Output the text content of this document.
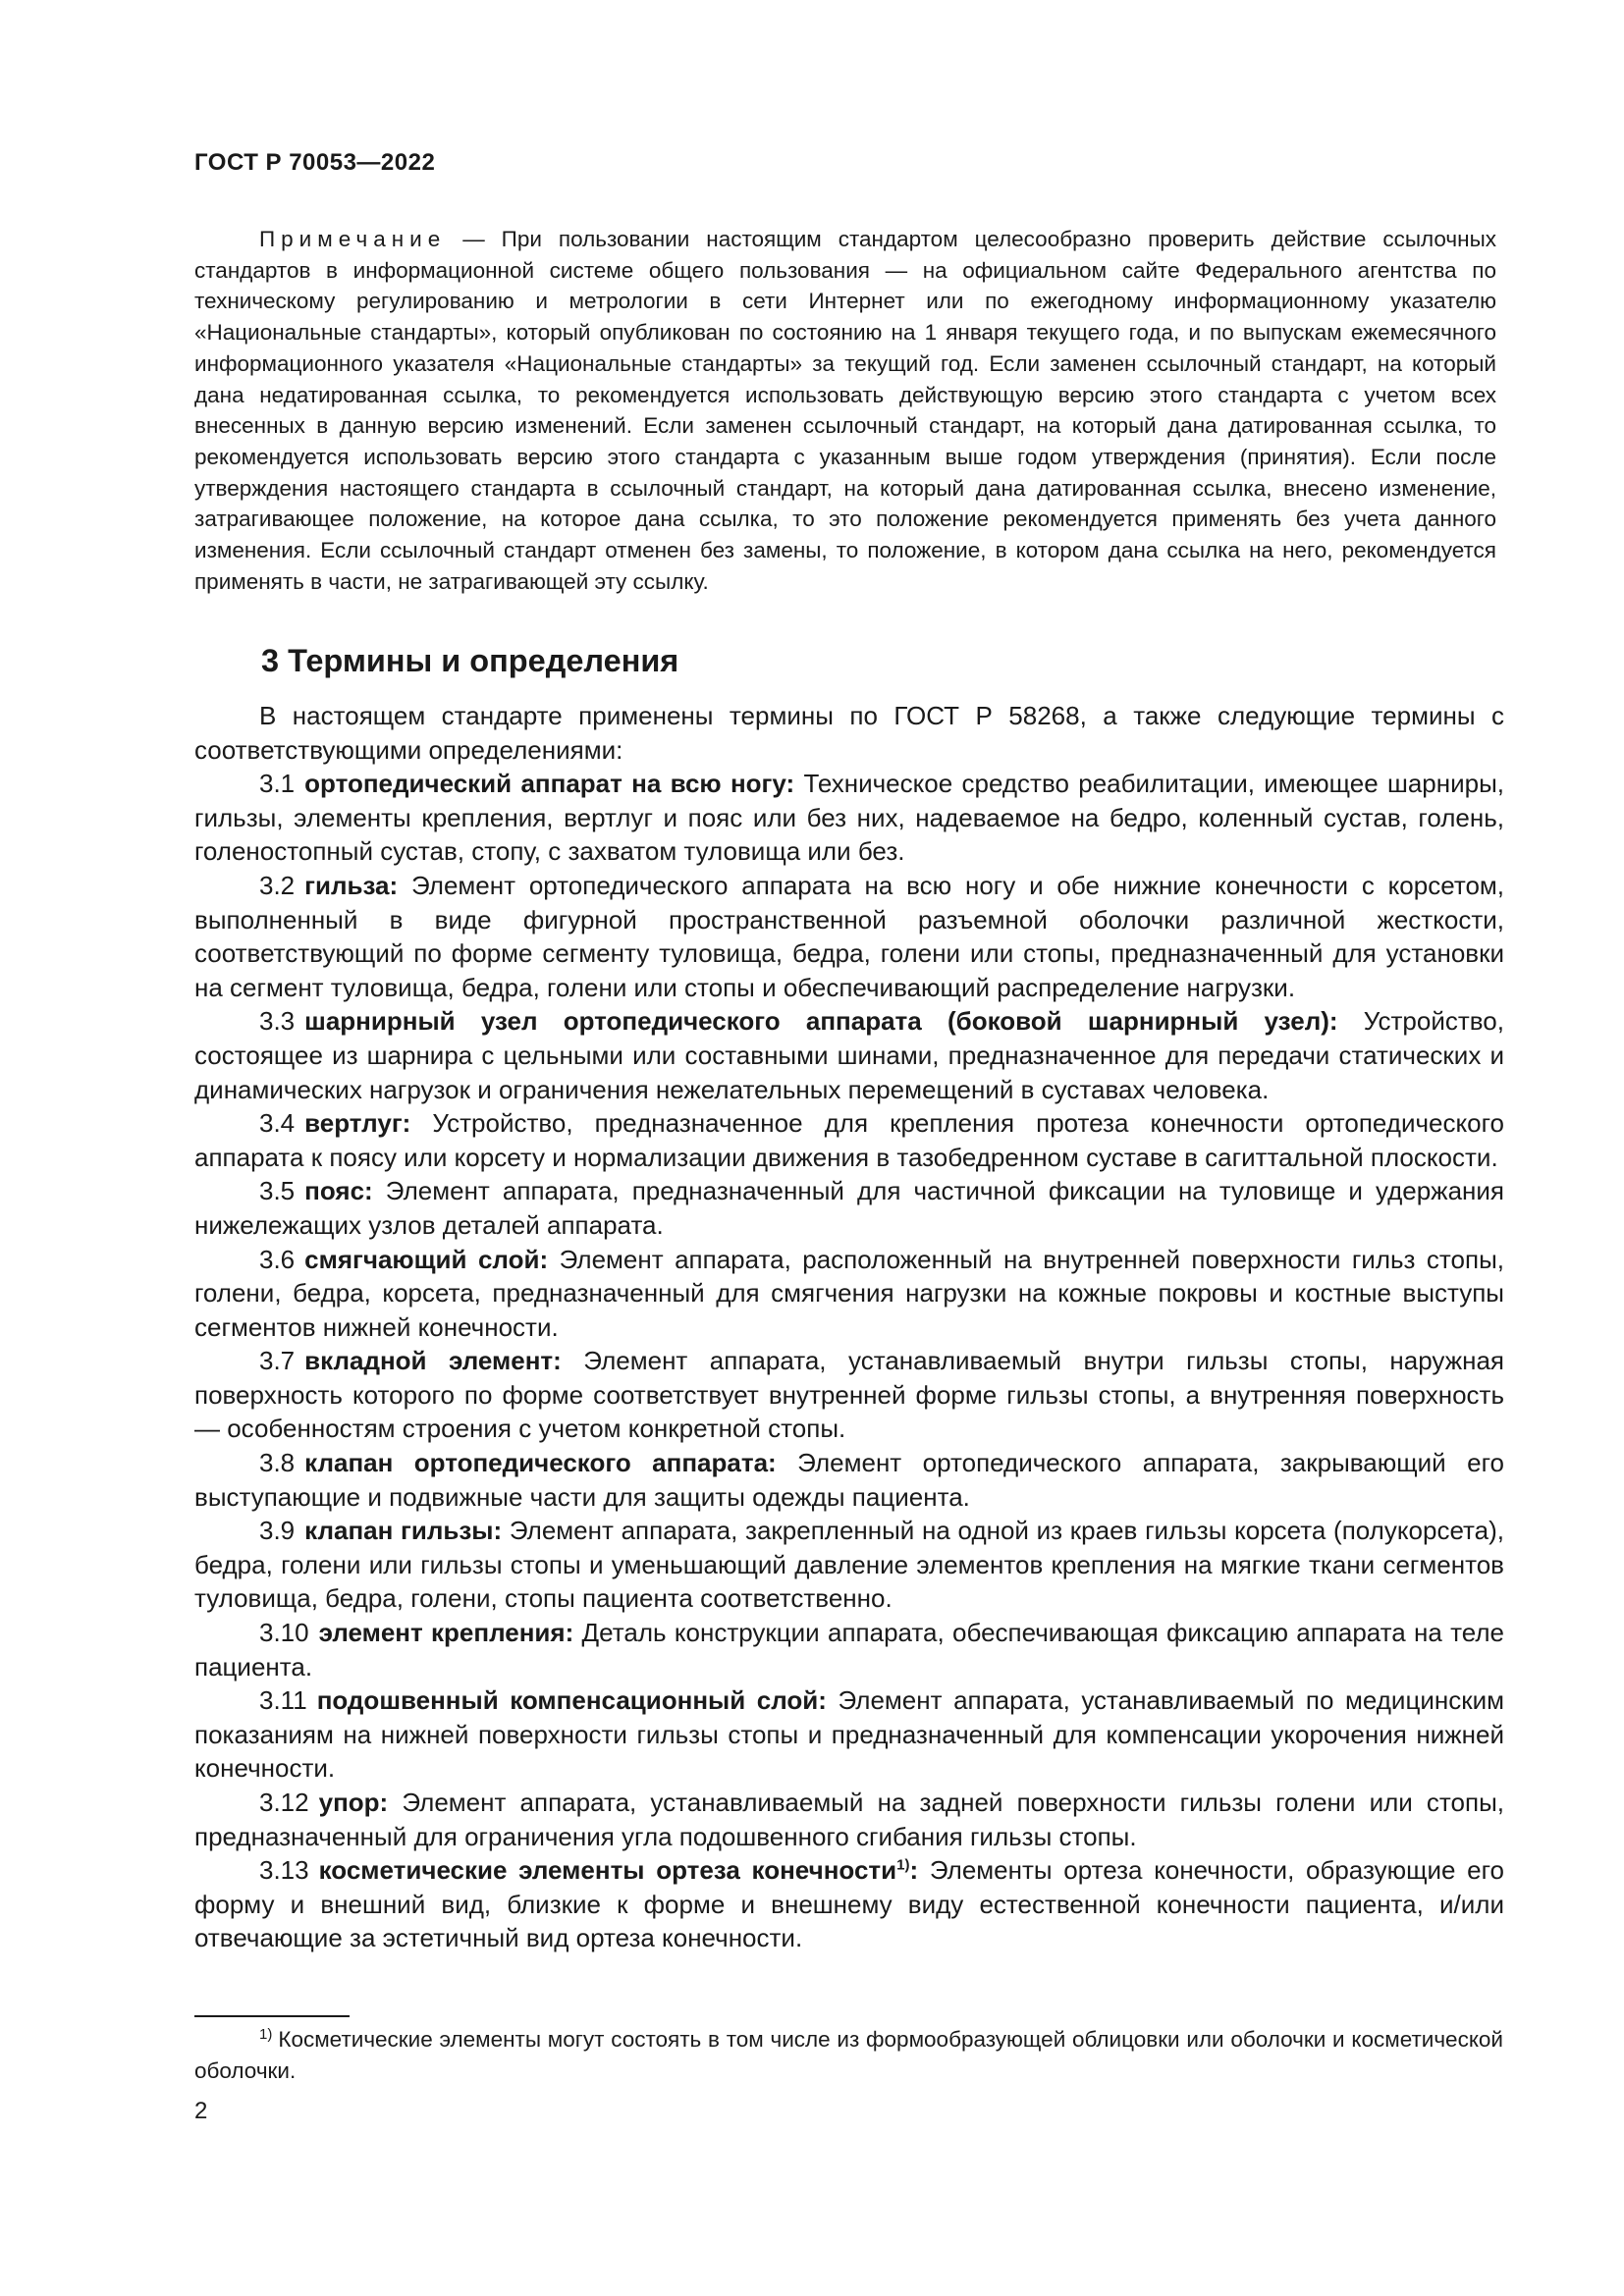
ГОСТ Р 70053—2022
Примечание — При пользовании настоящим стандартом целесообразно проверить действие ссылочных стандартов в информационной системе общего пользования — на официальном сайте Федерального агентства по техническому регулированию и метрологии в сети Интернет или по ежегодному информационному указателю «Национальные стандарты», который опубликован по состоянию на 1 января текущего года, и по выпускам ежемесячного информационного указателя «Национальные стандарты» за текущий год. Если заменен ссылочный стандарт, на который дана недатированная ссылка, то рекомендуется использовать действующую версию этого стандарта с учетом всех внесенных в данную версию изменений. Если заменен ссылочный стандарт, на который дана датированная ссылка, то рекомендуется использовать версию этого стандарта с указанным выше годом утверждения (принятия). Если после утверждения настоящего стандарта в ссылочный стандарт, на который дана датированная ссылка, внесено изменение, затрагивающее положение, на которое дана ссылка, то это положение рекомендуется применять без учета данного изменения. Если ссылочный стандарт отменен без замены, то положение, в котором дана ссылка на него, рекомендуется применять в части, не затрагивающей эту ссылку.
3 Термины и определения

В настоящем стандарте применены термины по ГОСТ Р 58268, а также следующие термины с соответствующими определениями:

3.1 ортопедический аппарат на всю ногу: Техническое средство реабилитации, имеющее шарниры, гильзы, элементы крепления, вертлуг и пояс или без них, надеваемое на бедро, коленный сустав, голень, голеностопный сустав, стопу, с захватом туловища или без.

3.2 гильза: Элемент ортопедического аппарата на всю ногу и обе нижние конечности с корсетом, выполненный в виде фигурной пространственной разъемной оболочки различной жесткости, соответствующий по форме сегменту туловища, бедра, голени или стопы, предназначенный для установки на сегмент туловища, бедра, голени или стопы и обеспечивающий распределение нагрузки.

3.3 шарнирный узел ортопедического аппарата (боковой шарнирный узел): Устройство, состоящее из шарнира с цельными или составными шинами, предназначенное для передачи статических и динамических нагрузок и ограничения нежелательных перемещений в суставах человека.

3.4 вертлуг: Устройство, предназначенное для крепления протеза конечности ортопедического аппарата к поясу или корсету и нормализации движения в тазобедренном суставе в сагиттальной плоскости.

3.5 пояс: Элемент аппарата, предназначенный для частичной фиксации на туловище и удержания нижележащих узлов деталей аппарата.

3.6 смягчающий слой: Элемент аппарата, расположенный на внутренней поверхности гильз стопы, голени, бедра, корсета, предназначенный для смягчения нагрузки на кожные покровы и костные выступы сегментов нижней конечности.

3.7 вкладной элемент: Элемент аппарата, устанавливаемый внутри гильзы стопы, наружная поверхность которого по форме соответствует внутренней форме гильзы стопы, а внутренняя поверхность — особенностям строения с учетом конкретной стопы.

3.8 клапан ортопедического аппарата: Элемент ортопедического аппарата, закрывающий его выступающие и подвижные части для защиты одежды пациента.

3.9 клапан гильзы: Элемент аппарата, закрепленный на одной из краев гильзы корсета (полукорсета), бедра, голени или гильзы стопы и уменьшающий давление элементов крепления на мягкие ткани сегментов туловища, бедра, голени, стопы пациента соответственно.

3.10 элемент крепления: Деталь конструкции аппарата, обеспечивающая фиксацию аппарата на теле пациента.

3.11 подошвенный компенсационный слой: Элемент аппарата, устанавливаемый по медицинским показаниям на нижней поверхности гильзы стопы и предназначенный для компенсации укорочения нижней конечности.

3.12 упор: Элемент аппарата, устанавливаемый на задней поверхности гильзы голени или стопы, предназначенный для ограничения угла подошвенного сгибания гильзы стопы.

3.13 косметические элементы ортеза конечности$^{1)}$: Элементы ортеза конечности, образующие его форму и внешний вид, близкие к форме и внешнему виду естественной конечности пациента, и/или отвечающие за эстетичный вид ортеза конечности.

$^{1)}$ Косметические элементы могут состоять в том числе из формообразующей облицовки или оболочки и косметической оболочки.
2
